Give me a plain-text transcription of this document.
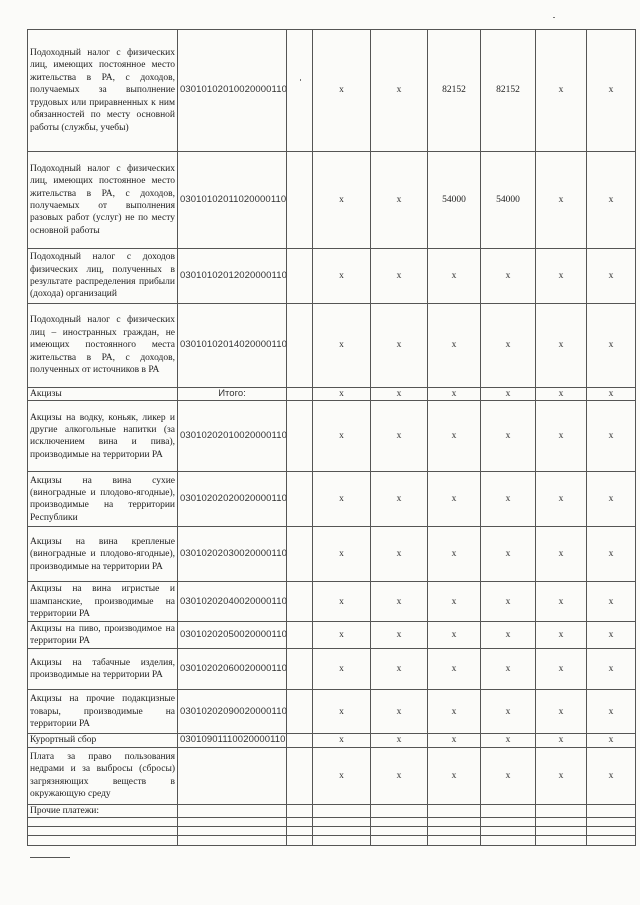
Подоходный налог с физических лиц, имеющих постоянное место жительства в РА, с доходов, получаемых за выполнение трудовых или приравненных к ним обязанностей по месту основной работы (службы, учебы)	03010102010020000110		x	x	82152	82152	x	x
Подоходный налог с физических лиц, имеющих постоянное место жительства в РА, с доходов, получаемых от выполнения разовых работ (услуг) не по месту основной работы	03010102011020000110		x	x	54000	54000	x	x
Подоходный налог с доходов физических лиц, полученных в результате распределения прибыли (дохода) организаций	03010102012020000110		x	x	x	x	x	x
Подоходный налог с физических лиц – иностранных граждан, не имеющих постоянного места жительства в РА, с доходов, полученных от источников в РА	03010102014020000110		x	x	x	x	x	x
Акцизы	Итого:		x	x	x	x	x	x
Акцизы на водку, коньяк, ликер и другие алкогольные напитки (за исключением вина и пива), производимые на территории РА	03010202010020000110		x	x	x	x	x	x
Акцизы на вина сухие (виноградные и плодово-ягодные), производимые на территории Республики	03010202020020000110		x	x	x	x	x	x
Акцизы на вина крепленые (виноградные и плодово-ягодные), производимые на территории РА	03010202030020000110		x	x	x	x	x	x
Акцизы на вина игристые и шампанские, производимые на территории РА	03010202040020000110		x	x	x	x	x	x
Акцизы на пиво, производимое на территории РА	03010202050020000110		x	x	x	x	x	x
Акцизы на табачные изделия, производимые на территории РА	03010202060020000110		x	x	x	x	x	x
Акцизы на прочие подакцизные товары, производимые на территории РА	03010202090020000110		x	x	x	x	x	x
Курортный сбор	03010901110020000110		x	x	x	x	x	x
Плата за право пользования недрами и за выбросы (сбросы) загрязняющих веществ в окружающую среду			x	x	x	x	x	x
Прочие платежи:								
